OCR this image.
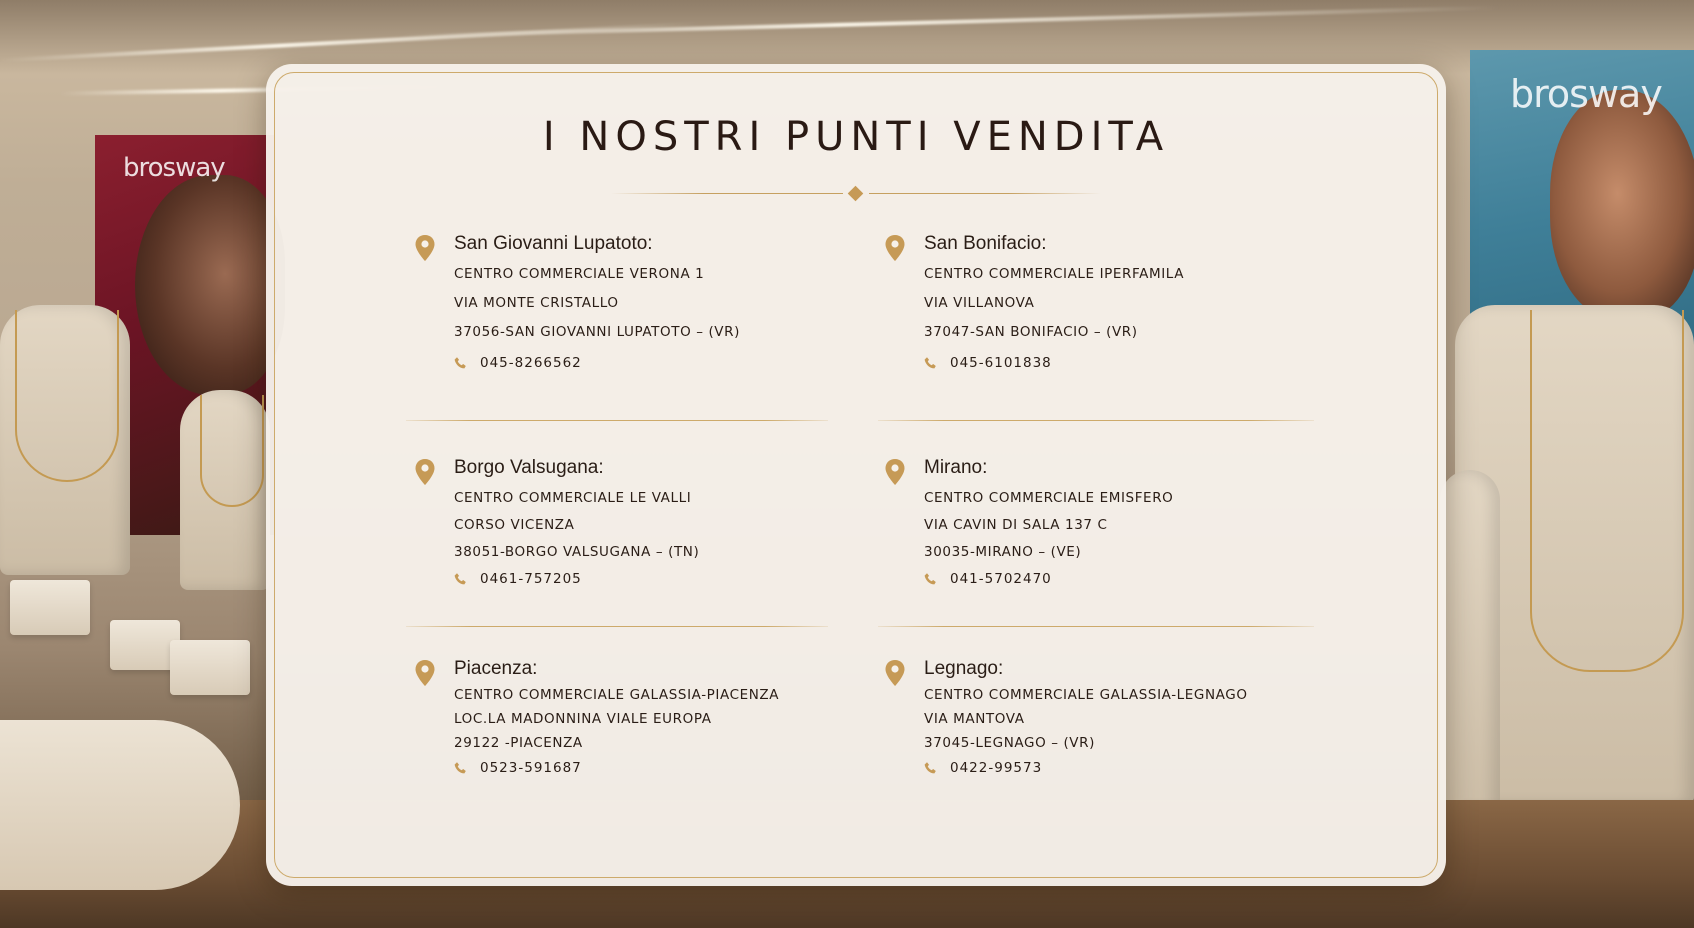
brosway
brosway
I NOSTRI PUNTI VENDITA
San Giovanni Lupatoto:
CENTRO COMMERCIALE VERONA 1
VIA MONTE CRISTALLO
37056-SAN GIOVANNI LUPATOTO – (VR)
045-8266562
San Bonifacio:
CENTRO COMMERCIALE IPERFAMILA
VIA VILLANOVA
37047-SAN BONIFACIO – (VR)
045-6101838
Borgo Valsugana:
CENTRO COMMERCIALE LE VALLI
CORSO VICENZA
38051-BORGO VALSUGANA – (TN)
0461-757205
Mirano:
CENTRO COMMERCIALE EMISFERO
VIA CAVIN DI SALA 137 C
30035-MIRANO – (VE)
041-5702470
Piacenza:
CENTRO COMMERCIALE GALASSIA-PIACENZA
LOC.LA MADONNINA VIALE EUROPA
29122 -PIACENZA
0523-591687
Legnago:
CENTRO COMMERCIALE GALASSIA-LEGNAGO
VIA MANTOVA
37045-LEGNAGO – (VR)
0422-99573
